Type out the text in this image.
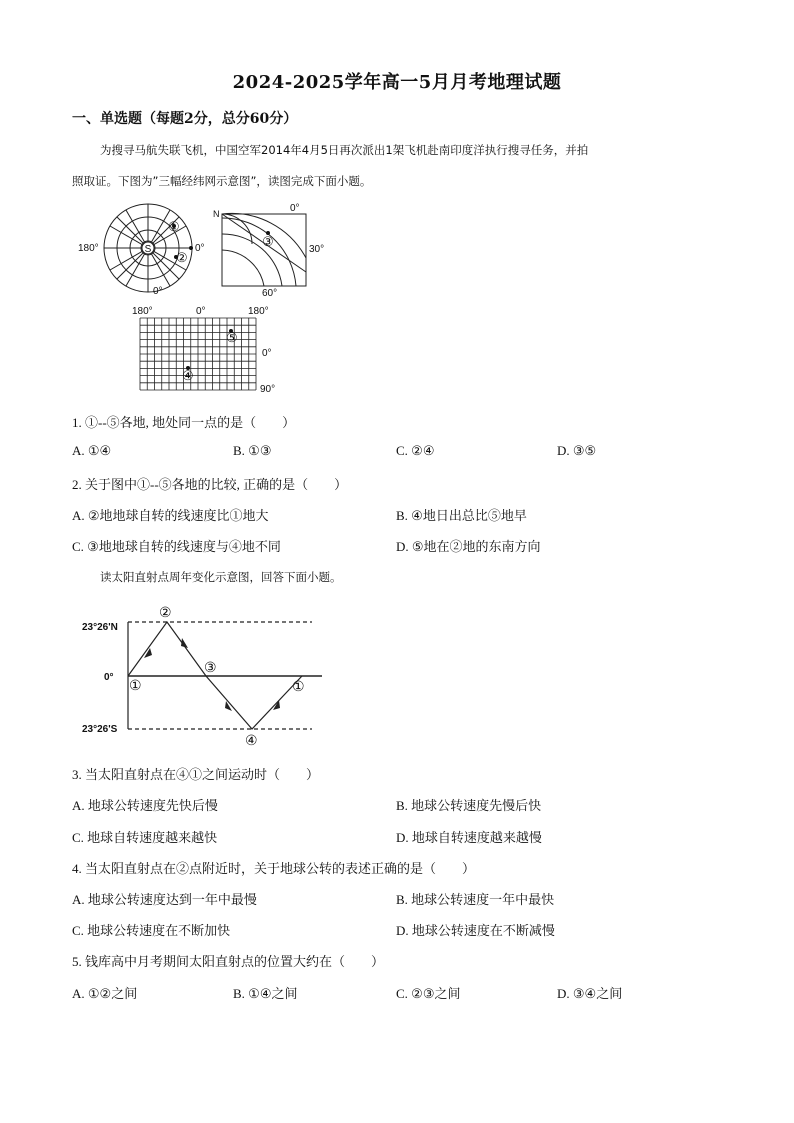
2024-2025学年高一5月月考地理试题
一、单选题（每题2分，总分60分）
为搜寻马航失联飞机，中国空军2014年4月5日再次派出1架飞机赴南印度洋执行搜寻任务，并拍
照取证。下图为”三幅经纬网示意图”，读图完成下面小题。
S
180°	0°
0°
①
②
N	0°
30°
60°
③
180°	0°	180°
0°
90°
⑤
④
1. ①--⑤各地, 地处同一点的是（　　）
A. ①④	B. ①③	C. ②④	D. ③⑤
2. 关于图中①--⑤各地的比较, 正确的是（　　）
A. ②地地球自转的线速度比①地大	B. ④地日出总比⑤地早
C. ③地地球自转的线速度与④地不同	D. ⑤地在②地的东南方向
读太阳直射点周年变化示意图，回答下面小题。
23°26'N
0°
23°26'S
①
②
③
①
④
3. 当太阳直射点在④①之间运动时（　　）
A. 地球公转速度先快后慢	B. 地球公转速度先慢后快
C. 地球自转速度越来越快	D. 地球自转速度越来越慢
4. 当太阳直射点在②点附近时，关于地球公转的表述正确的是（　　）
A. 地球公转速度达到一年中最慢	B. 地球公转速度一年中最快
C. 地球公转速度在不断加快	D. 地球公转速度在不断减慢
5. 钱库高中月考期间太阳直射点的位置大约在（　　）
A. ①②之间	B. ①④之间	C. ②③之间	D. ③④之间
